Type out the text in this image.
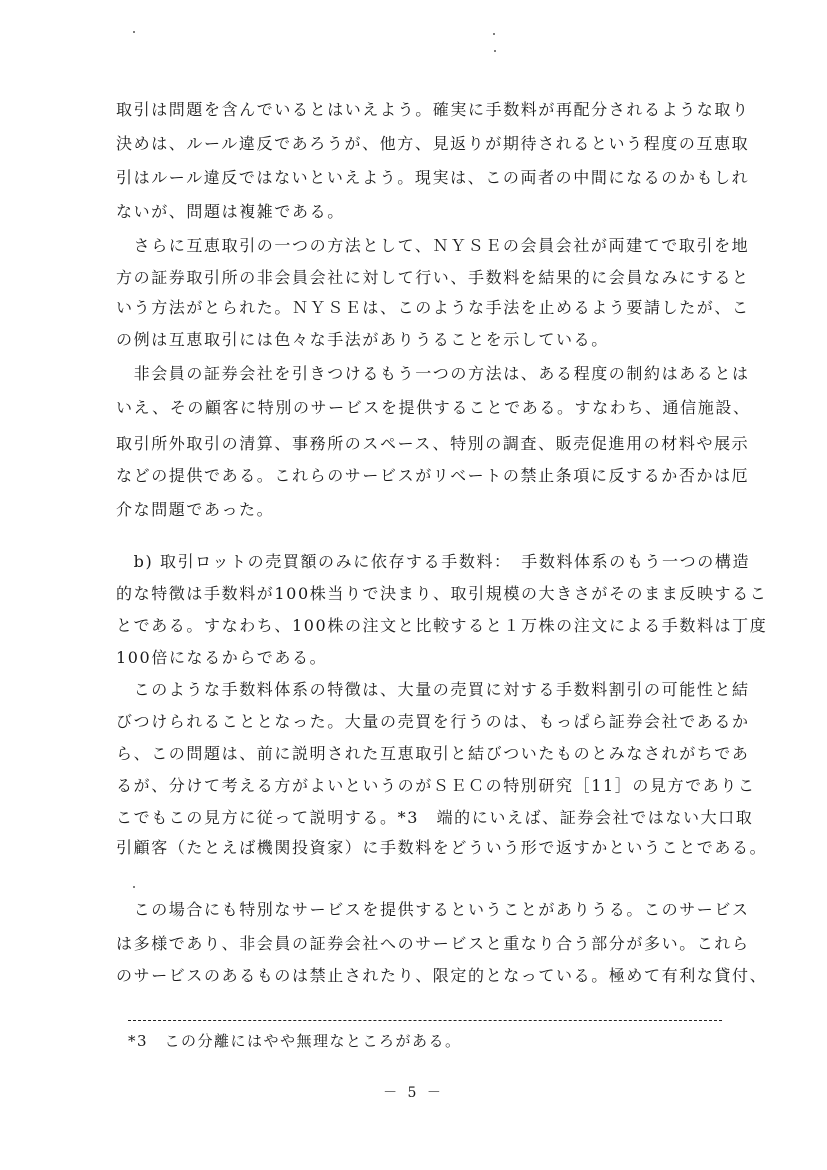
取引は問題を含んでいるとはいえよう。確実に手数料が再配分されるような取り
決めは、ルール違反であろうが、他方、見返りが期待されるという程度の互恵取
引はルール違反ではないといえよう。現実は、この両者の中間になるのかもしれ
ないが、問題は複雑である。
　さらに互恵取引の一つの方法として、ＮＹＳＥの会員会社が両建てで取引を地
方の証券取引所の非会員会社に対して行い、手数料を結果的に会員なみにすると
いう方法がとられた。ＮＹＳＥは、このような手法を止めるよう要請したが、こ
の例は互恵取引には色々な手法がありうることを示している。
　非会員の証券会社を引きつけるもう一つの方法は、ある程度の制約はあるとは
いえ、その顧客に特別のサービスを提供することである。すなわち、通信施設、
取引所外取引の清算、事務所のスペース、特別の調査、販売促進用の材料や展示
などの提供である。これらのサービスがリベートの禁止条項に反するか否かは厄
介な問題であった。
　b) 取引ロットの売買額のみに依存する手数料：　手数料体系のもう一つの構造
的な特徴は手数料が100株当りで決まり、取引規模の大きさがそのまま反映するこ
とである。すなわち、100株の注文と比較すると１万株の注文による手数料は丁度
100倍になるからである。
　このような手数料体系の特徴は、大量の売買に対する手数料割引の可能性と結
びつけられることとなった。大量の売買を行うのは、もっぱら証券会社であるか
ら、この問題は、前に説明された互恵取引と結びついたものとみなされがちであ
るが、分けて考える方がよいというのがＳＥＣの特別研究［11］の見方でありこ
こでもこの見方に従って説明する。*3　端的にいえば、証券会社ではない大口取
引顧客（たとえば機関投資家）に手数料をどういう形で返すかということである。
　この場合にも特別なサービスを提供するということがありうる。このサービス
は多様であり、非会員の証券会社へのサービスと重なり合う部分が多い。これら
のサービスのあるものは禁止されたり、限定的となっている。極めて有利な貸付、
*3　この分離にはやや無理なところがある。
－ 5 －
